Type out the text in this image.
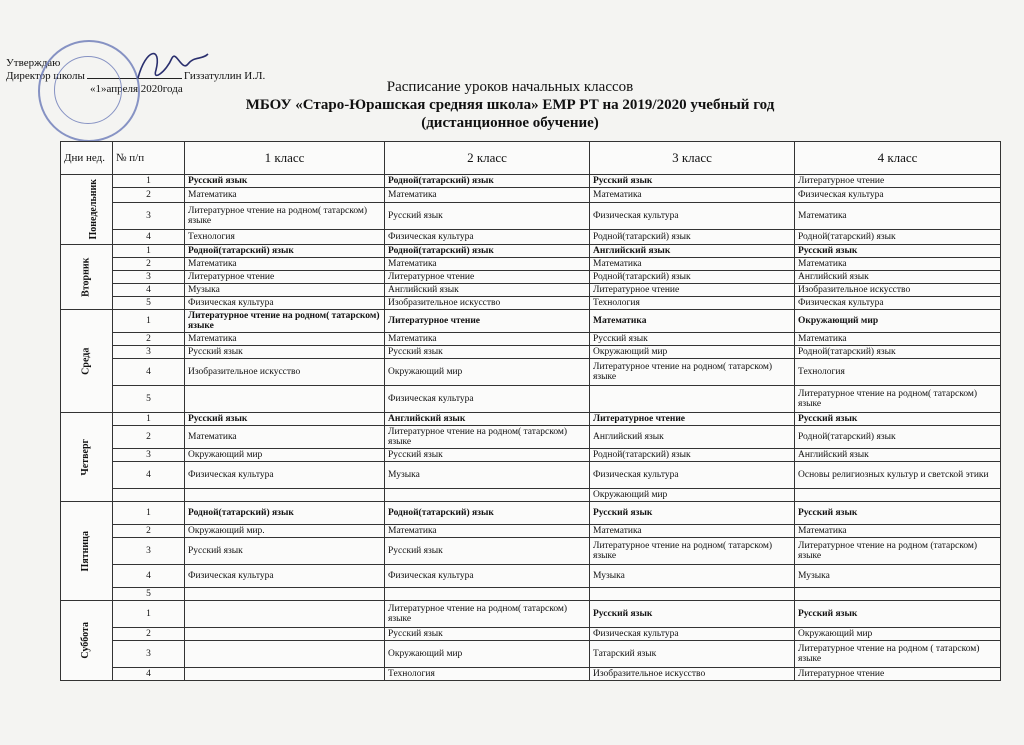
Утверждаю
Директор школы	Гиззатуллин И.Л.
«1»апреля 2020года	Расписание уроков начальных классов
МБОУ «Старо-Юрашская средняя школа» ЕМР РТ на 2019/2020 учебный год
(дистанционное обучение)
Дни нед.	№ п/п	1 класс	2 класс	3 класс	4 класс
Понедельник	1	Русский язык	Родной(татарский) язык	Русский язык	Литературное чтение
	2	Математика	Математика	Математика	Физическая культура
	3	Литературное чтение на родном( татарском) языке	Русский язык	Физическая культура	Математика
	4	Технология	Физическая культура	Родной(татарский) язык	Родной(татарский) язык
Вторник	1	Родной(татарский) язык	Родной(татарский) язык	Английский язык	Русский язык
	2	Математика	Математика	Математика	Математика
	3	Литературное чтение	Литературное чтение	Родной(татарский) язык	Английский язык
	4	Музыка	Английский язык	Литературное чтение	Изобразительное искусство
	5	Физическая культура	Изобразительное искусство	Технология	Физическая культура
Среда	1	Литературное чтение на родном( татарском) языке	Литературное чтение	Математика	Окружающий мир
	2	Математика	Математика	Русский язык	Математика
	3	Русский язык	Русский язык	Окружающий мир	Родной(татарский) язык
	4	Изобразительное искусство	Окружающий мир	Литературное чтение на родном( татарском) языке	Технология
	5		Физическая культура		Литературное чтение на родном( татарском) языке
Четверг	1	Русский язык	Английский язык	Литературное чтение	Русский язык
	2	Математика	Литературное чтение на родном( татарском) языке	Английский язык	Родной(татарский) язык
	3	Окружающий мир	Русский язык	Родной(татарский) язык	Английский язык
	4	Физическая культура	Музыка	Физическая культура	Основы религиозных культур и светской этики
				Окружающий мир	
Пятница	1	Родной(татарский) язык	Родной(татарский) язык	Русский язык	Русский язык
	2	Окружающий мир.	Математика	Математика	Математика
	3	Русский язык	Русский язык	Литературное чтение на родном( татарском) языке	Литературное чтение на родном (татарском) языке
	4	Физическая культура	Физическая культура	Музыка	Музыка
	5				
Суббота	1		Литературное чтение на родном( татарском) языке	Русский язык	Русский язык
	2		Русский язык	Физическая культура	Окружающий мир
	3		Окружающий мир	Татарский язык	Литературное чтение на родном ( татарском) языке
	4		Технология	Изобразительное искусство	Литературное чтение
